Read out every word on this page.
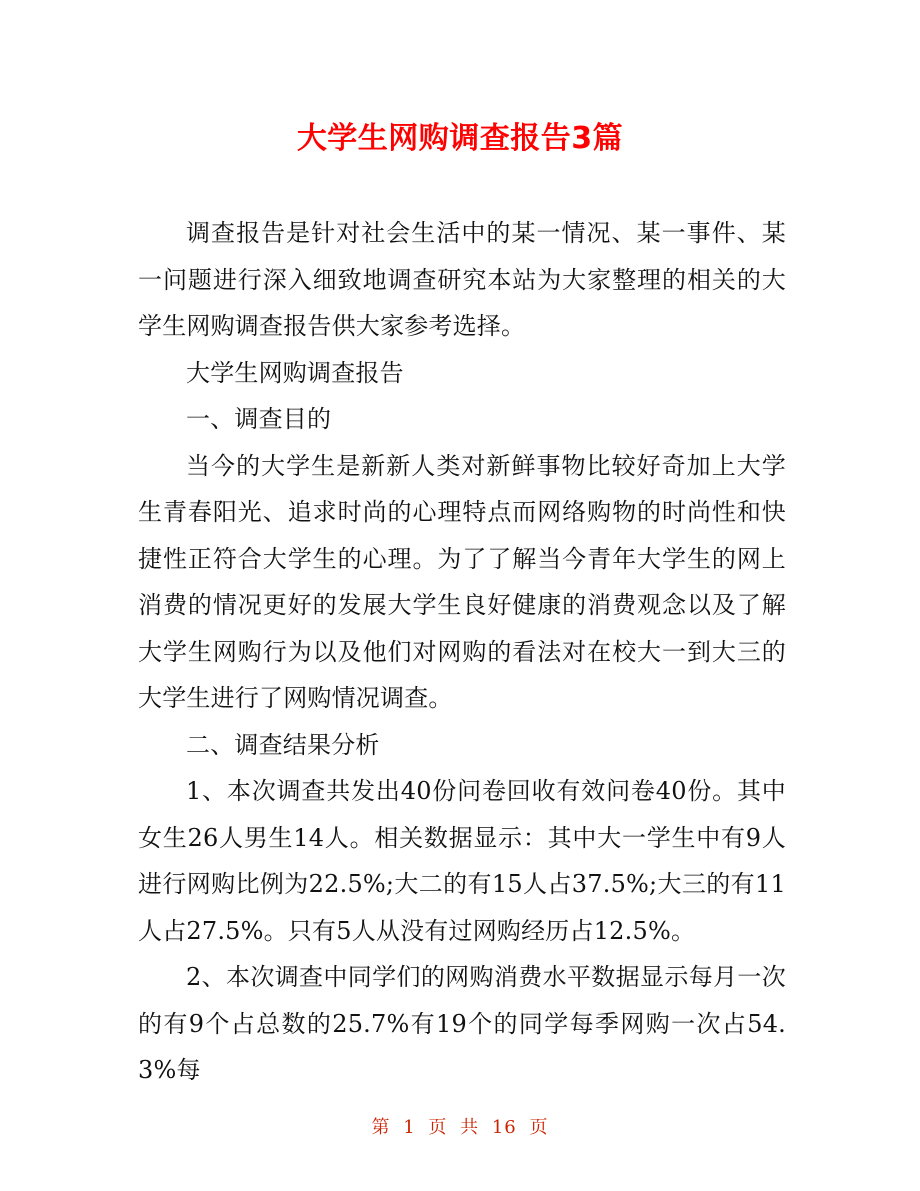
大学生网购调查报告3篇

调查报告是针对社会生活中的某一情况、某一事件、某一问题进行深入细致地调查研究本站为大家整理的相关的大学生网购调查报告供大家参考选择。

大学生网购调查报告

一、调查目的

当今的大学生是新新人类对新鲜事物比较好奇加上大学生青春阳光、追求时尚的心理特点而网络购物的时尚性和快捷性正符合大学生的心理。为了了解当今青年大学生的网上消费的情况更好的发展大学生良好健康的消费观念以及了解大学生网购行为以及他们对网购的看法对在校大一到大三的大学生进行了网购情况调查。

二、调查结果分析

1、本次调查共发出40份问卷回收有效问卷40份。其中女生26人男生14人。相关数据显示：其中大一学生中有9人进行网购比例为22.5%;大二的有15人占37.5%;大三的有11人占27.5%。只有5人从没有过网购经历占12.5%。

2、本次调查中同学们的网购消费水平数据显示每月一次的有9个占总数的25.7%有19个的同学每季网购一次占54.3%每

第 1 页 共 16 页
